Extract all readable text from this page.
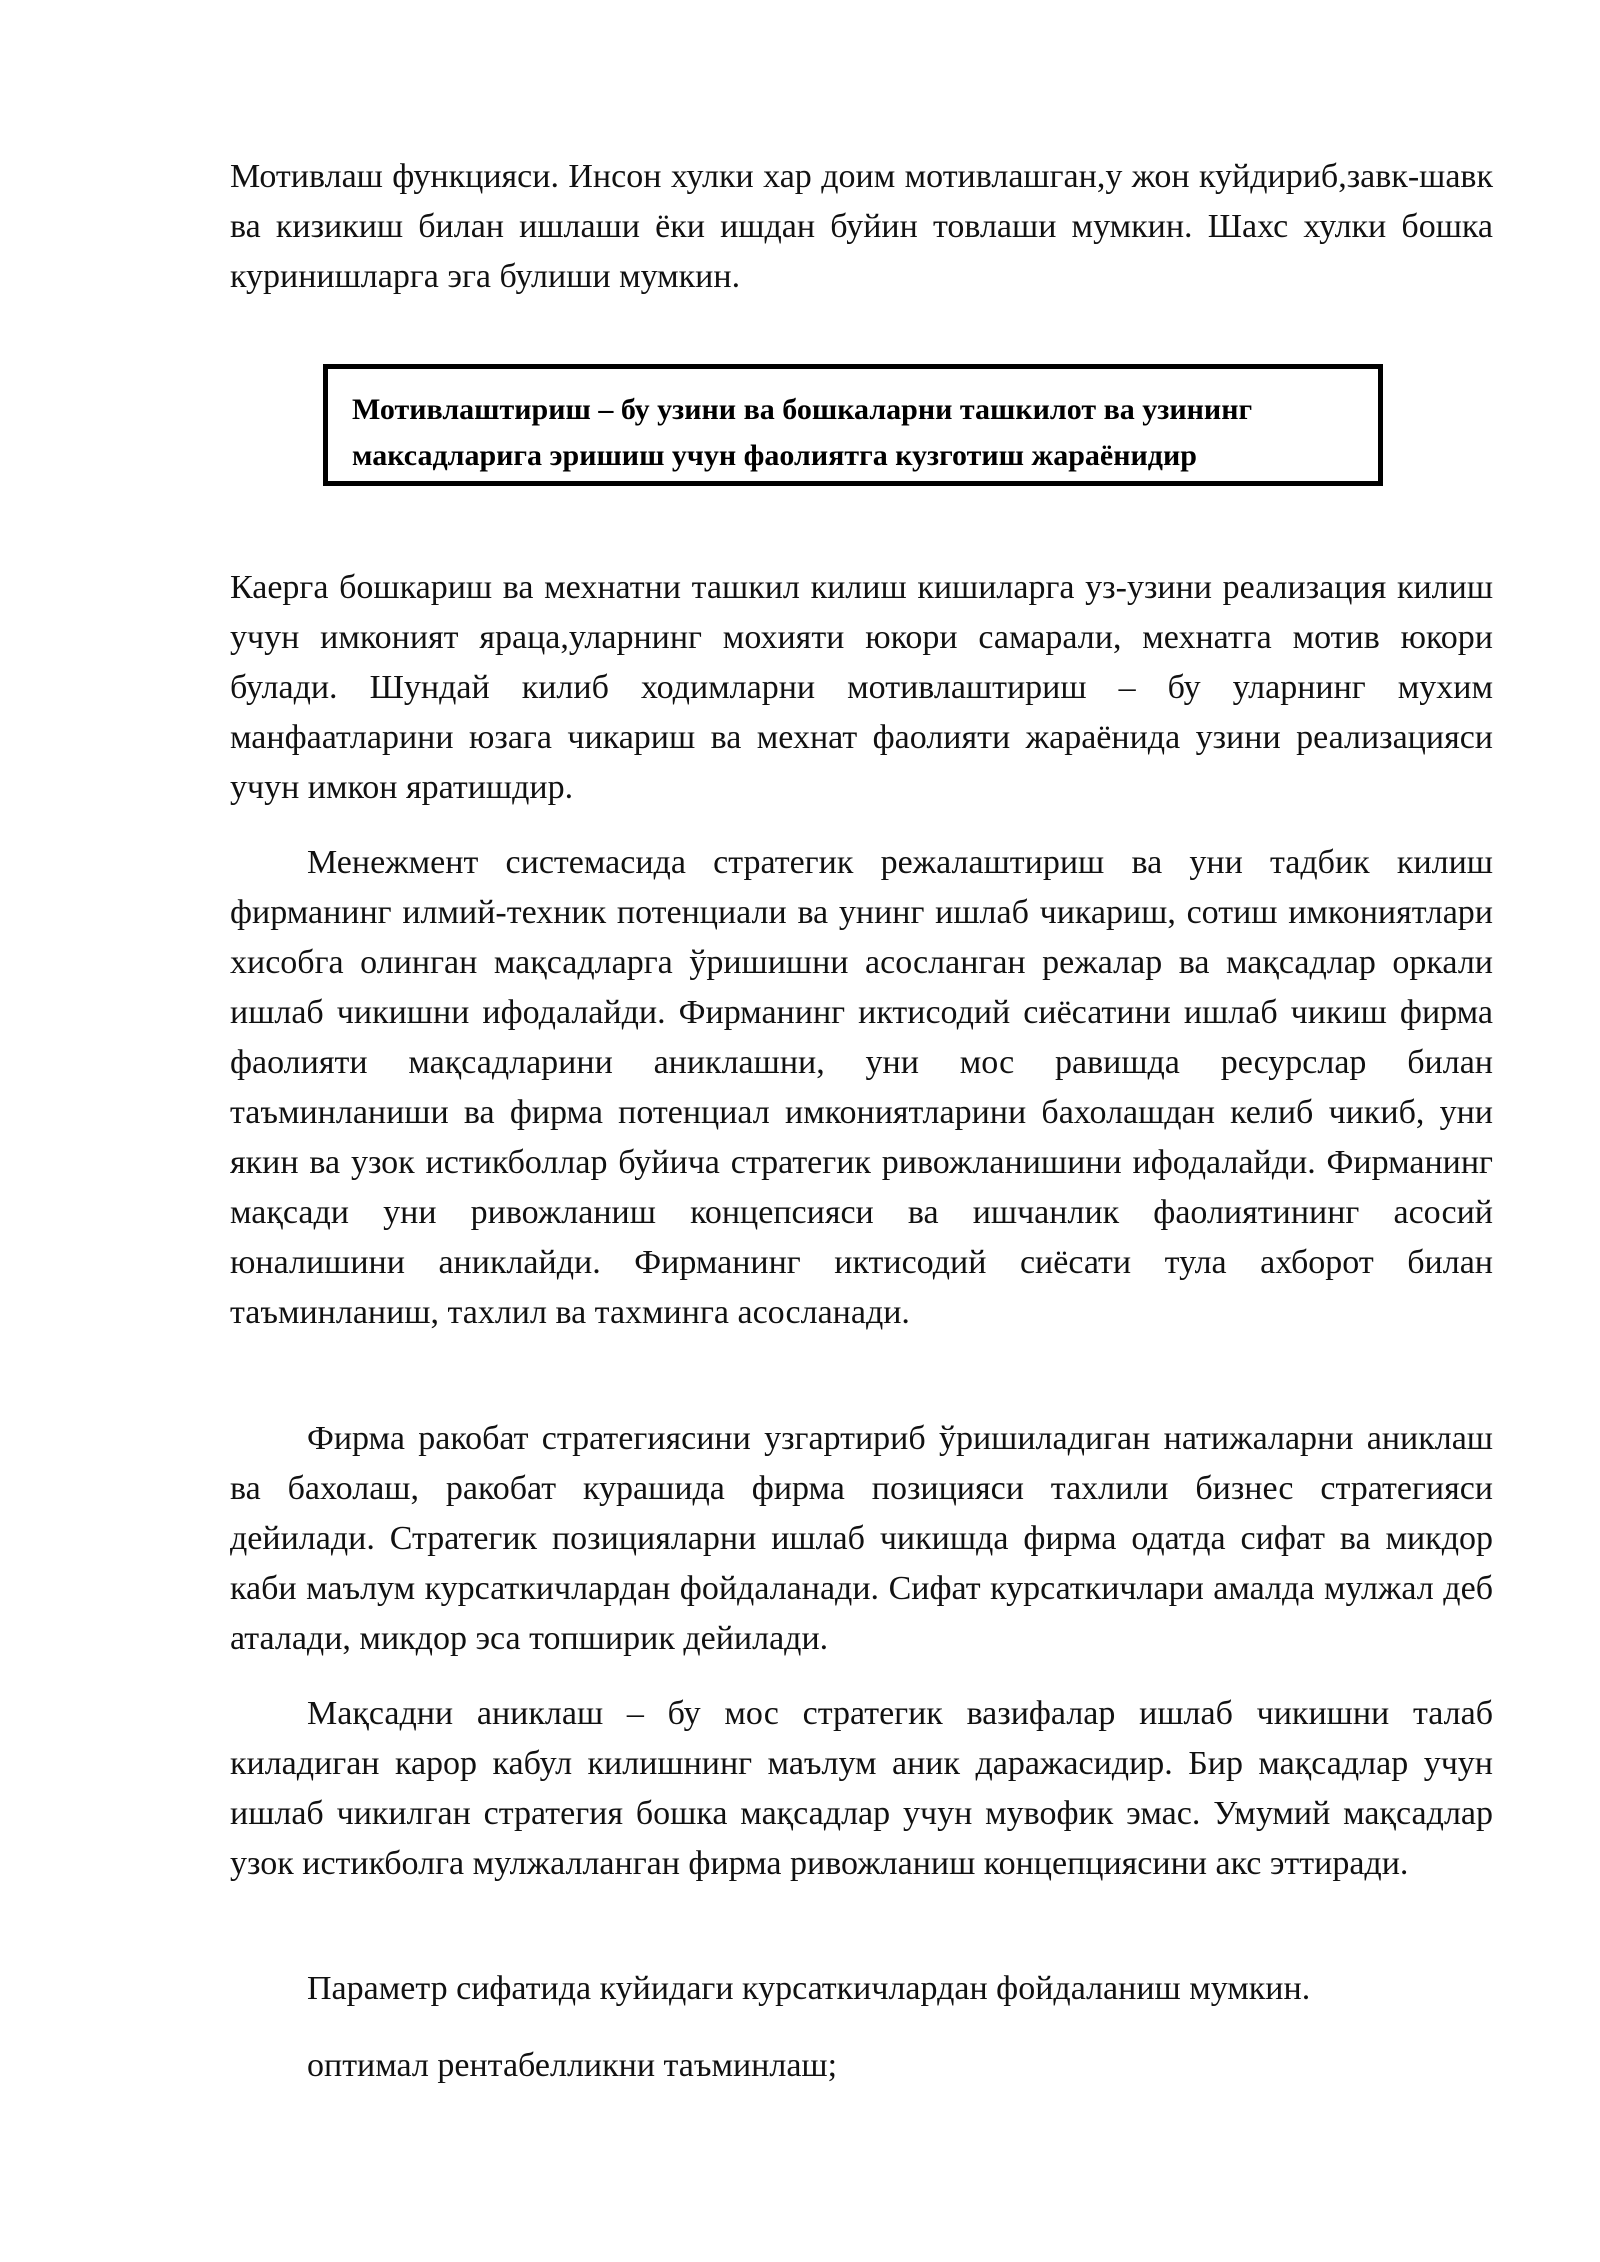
Мотивлаш функцияси. Инсон хулки хар доим мотивлашган,у жон куйдириб,завк-шавк ва кизикиш билан ишлаши ёки ишдан буйин товлаши мумкин. Шахс хулки бошка куринишларга эга булиши мумкин.

Мотивлаштириш – бу узини ва бошкаларни ташкилот ва узининг максадларига эришиш учун фаолиятга кузготиш жараёнидир

Каерга бошкариш ва мехнатни ташкил килиш кишиларга уз-узини реализация килиш учун имконият яраца,уларнинг мохияти юкори самарали, мехнатга мотив юкори булади. Шундай килиб ходимларни мотивлаштириш – бу уларнинг мухим манфаатларини юзага чикариш ва мехнат фаолияти жараёнида узини реализацияси учун имкон яратишдир.

Менежмент системасида стратегик режалаштириш ва уни тадбик килиш фирманинг илмий-техник потенциали ва унинг ишлаб чикариш, сотиш имкониятлари хисобга олинган мақсадларга ўришишни асосланган режалар ва мақсадлар оркали ишлаб чикишни ифодалайди. Фирманинг иктисодий сиёсатини ишлаб чикиш фирма фаолияти мақсадларини аниклашни, уни мос равишда ресурслар билан таъминланиши ва фирма потенциал имкониятларини бахолашдан келиб чикиб, уни якин ва узок истикболлар буйича стратегик ривожланишини ифодалайди. Фирманинг мақсади уни ривожланиш концепсияси ва ишчанлик фаолиятининг асосий юналишини аниклайди. Фирманинг иктисодий сиёсати тула ахборот билан таъминланиш, тахлил ва тахминга асосланади.

Фирма ракобат стратегиясини узгартириб ўришиладиган натижаларни аниклаш ва бахолаш, ракобат курашида фирма позицияси тахлили бизнес стратегияси дейилади. Стратегик позицияларни ишлаб чикишда фирма одатда сифат ва микдор каби маълум курсаткичлардан фойдаланади. Сифат курсаткичлари амалда мулжал деб аталади, микдор эса топширик дейилади.

Мақсадни аниклаш – бу мос стратегик вазифалар ишлаб чикишни талаб киладиган карор кабул килишнинг маълум аник даражасидир. Бир мақсадлар учун ишлаб чикилган стратегия бошка мақсадлар учун мувофик эмас. Умумий мақсадлар узок истикболга мулжалланган фирма ривожланиш концепциясини акс эттиради.

Параметр сифатида куйидаги курсаткичлардан фойдаланиш мумкин.

оптимал рентабелликни таъминлаш;
